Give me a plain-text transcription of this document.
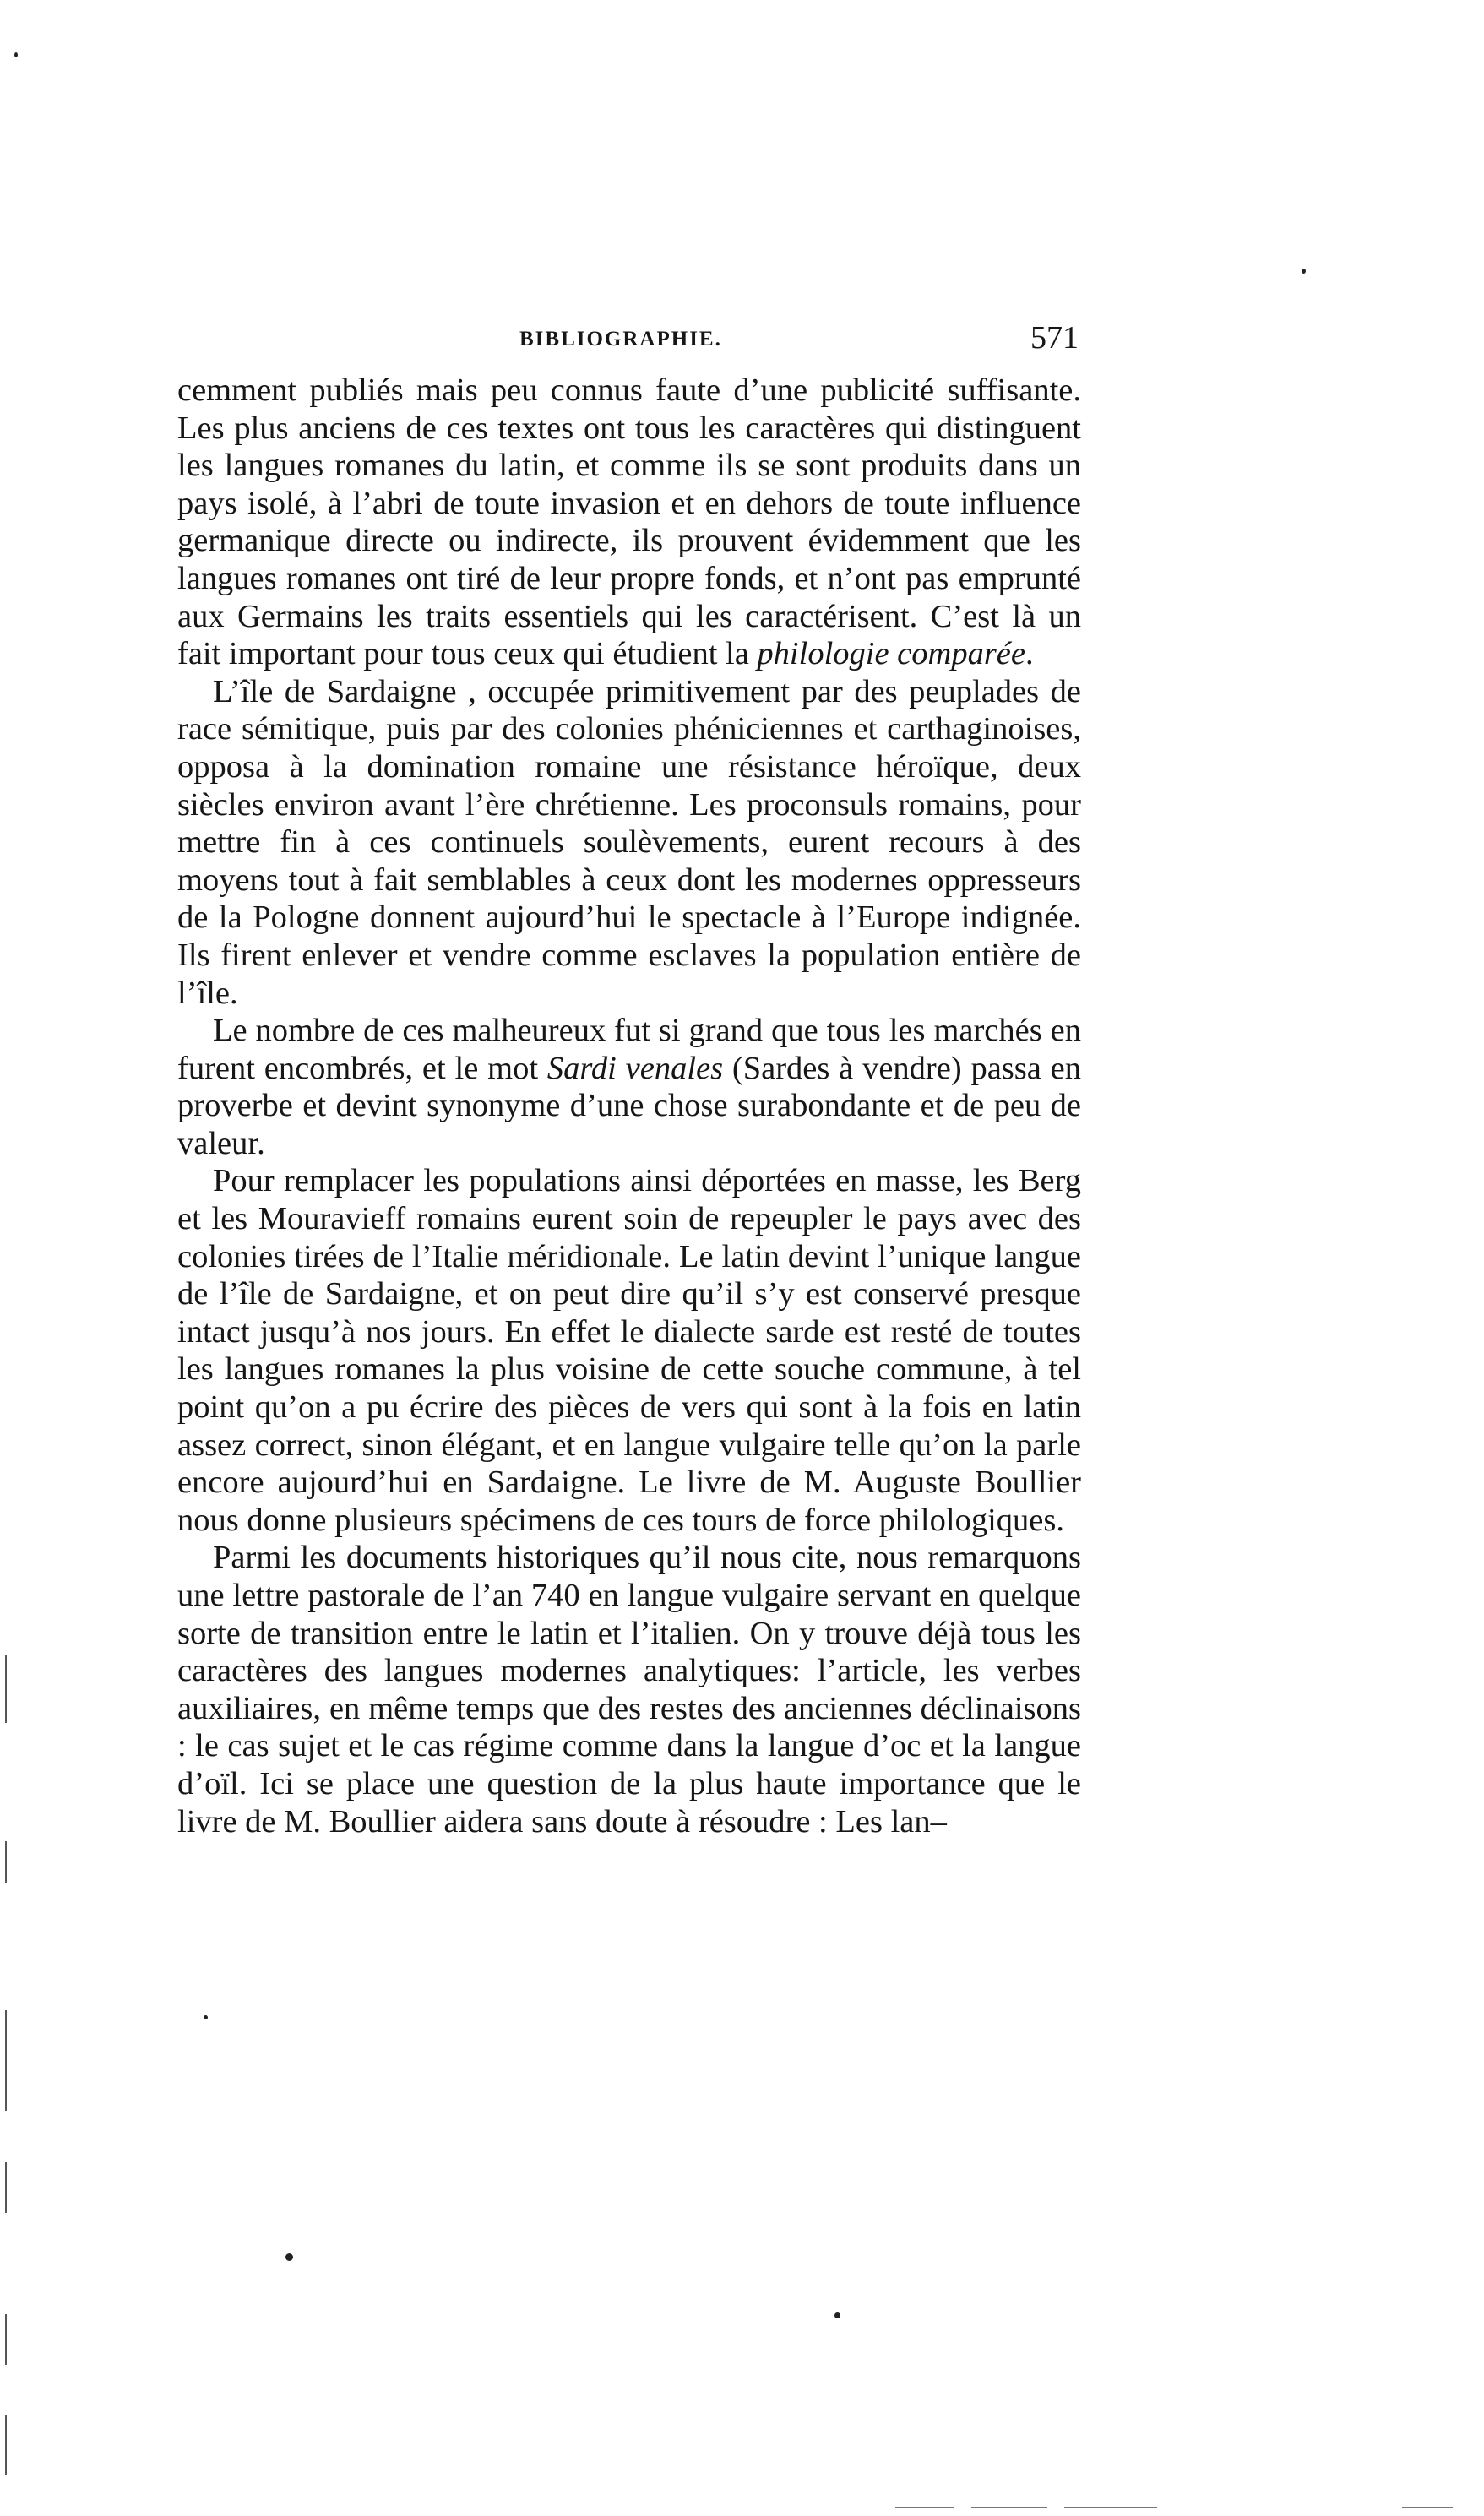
BIBLIOGRAPHIE.	571

cemment publiés mais peu connus faute d’une publicité suffisante. Les plus anciens de ces textes ont tous les caractères qui distinguent les langues romanes du latin, et comme ils se sont produits dans un pays isolé, à l’abri de toute invasion et en dehors de toute influence germanique directe ou indirecte, ils prouvent évidemment que les langues romanes ont tiré de leur propre fonds, et n’ont pas emprunté aux Germains les traits essentiels qui les caractérisent. C’est là un fait important pour tous ceux qui étudient la philologie comparée.

L’île de Sardaigne , occupée primitivement par des peuplades de race sémitique, puis par des colonies phéniciennes et carthaginoises, opposa à la domination romaine une résistance héroïque, deux siècles environ avant l’ère chrétienne. Les proconsuls romains, pour mettre fin à ces continuels soulèvements, eurent recours à des moyens tout à fait semblables à ceux dont les modernes oppresseurs de la Pologne donnent aujourd’hui le spectacle à l’Europe indignée. Ils firent enlever et vendre comme esclaves la population entière de l’île.

Le nombre de ces malheureux fut si grand que tous les marchés en furent encombrés, et le mot Sardi venales (Sardes à vendre) passa en proverbe et devint synonyme d’une chose surabondante et de peu de valeur.

Pour remplacer les populations ainsi déportées en masse, les Berg et les Mouravieff romains eurent soin de repeupler le pays avec des colonies tirées de l’Italie méridionale. Le latin devint l’unique langue de l’île de Sardaigne, et on peut dire qu’il s’y est conservé presque intact jusqu’à nos jours. En effet le dialecte sarde est resté de toutes les langues romanes la plus voisine de cette souche commune, à tel point qu’on a pu écrire des pièces de vers qui sont à la fois en latin assez correct, sinon élégant, et en langue vulgaire telle qu’on la parle encore aujourd’hui en Sardaigne. Le livre de M. Auguste Boullier nous donne plusieurs spécimens de ces tours de force philologiques.

Parmi les documents historiques qu’il nous cite, nous remarquons une lettre pastorale de l’an 740 en langue vulgaire servant en quelque sorte de transition entre le latin et l’italien. On y trouve déjà tous les caractères des langues modernes analytiques: l’article, les verbes auxiliaires, en même temps que des restes des anciennes déclinaisons : le cas sujet et le cas régime comme dans la langue d’oc et la langue d’oïl. Ici se place une question de la plus haute importance que le livre de M. Boullier aidera sans doute à résoudre : Les lan–
